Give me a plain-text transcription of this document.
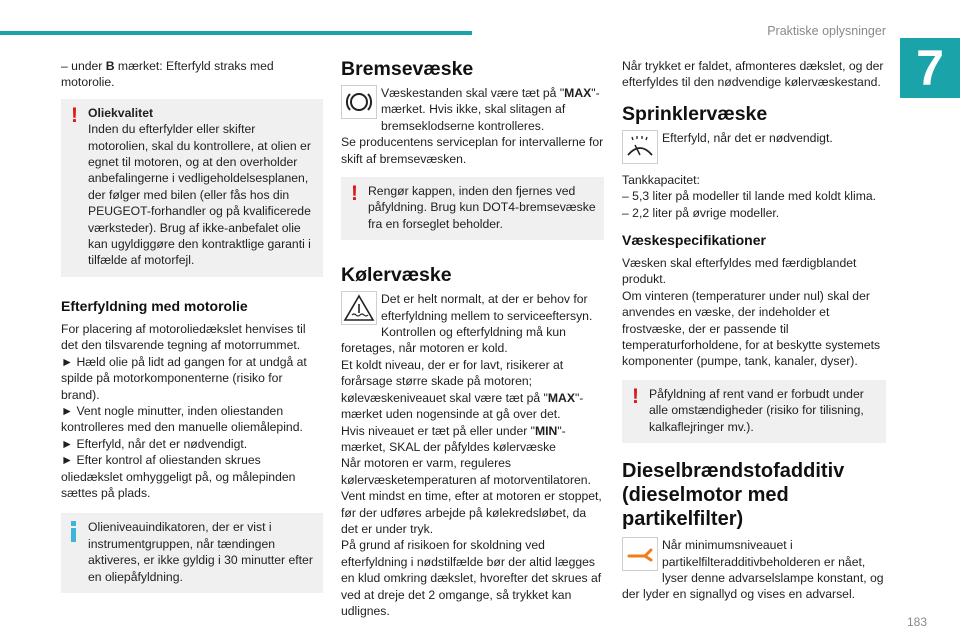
Praktiske oplysninger
7
183

– under B mærket: Efterfyld straks med motorolie.

! Oliekvalitet

Inden du efterfylder eller skifter motorolien, skal du kontrollere, at olien er egnet til motoren, og at den overholder anbefalingerne i vedligeholdelsesplanen, der følger med bilen (eller fås hos din PEUGEOT-forhandler og på kvalificerede værksteder). Brug af ikke-anbefalet olie kan ugyldiggøre den kontraktlige garanti i tilfælde af motorfejl.

Efterfyldning med motorolie

For placering af motoroliedækslet henvises til det den tilsvarende tegning af motorrummet.

► Hæld olie på lidt ad gangen for at undgå at spilde på motorkomponenterne (risiko for brand).

► Vent nogle minutter, inden oliestanden kontrolleres med den manuelle oliemålepind.

► Efterfyld, når det er nødvendigt.

► Efter kontrol af oliestanden skrues oliedækslet omhyggeligt på, og målepinden sættes på plads.

Olieniveauindikatoren, der er vist i instrumentgruppen, når tændingen aktiveres, er ikke gyldig i 30 minutter efter en oliepåfyldning.

Bremsevæske

Væskestanden skal være tæt på "MAX"-mærket. Hvis ikke, skal slitagen af bremseklodserne kontrolleres.

Se producentens serviceplan for intervallerne for skift af bremsevæsken.

! Rengør kappen, inden den fjernes ved påfyldning. Brug kun DOT4-bremsevæske fra en forseglet beholder.

Kølervæske

Det er helt normalt, at der er behov for efterfyldning mellem to serviceeftersyn. Kontrollen og efterfyldning må kun foretages, når motoren er kold.

Et koldt niveau, der er for lavt, risikerer at forårsage større skade på motoren; kølevæskeniveauet skal være tæt på "MAX"-mærket uden nogensinde at gå over det.

Hvis niveauet er tæt på eller under "MIN"-mærket, SKAL der påfyldes kølervæske

Når motoren er varm, reguleres kølervæsketemperaturen af motorventilatoren. Vent mindst en time, efter at motoren er stoppet, før der udføres arbejde på kølekredsløbet, da det er under tryk.

På grund af risikoen for skoldning ved efterfyldning i nødstilfælde bør der altid lægges en klud omkring dækslet, hvorefter det skrues af ved at dreje det 2 omgange, så trykket kan udlignes.

Når trykket er faldet, afmonteres dækslet, og der efterfyldes til den nødvendige kølervæskestand.

Sprinklervæske

Efterfyld, når det er nødvendigt.

Tankkapacitet:

– 5,3 liter på modeller til lande med koldt klima.

– 2,2 liter på øvrige modeller.

Væskespecifikationer

Væsken skal efterfyldes med færdigblandet produkt.

Om vinteren (temperaturer under nul) skal der anvendes en væske, der indeholder et frostvæske, der er passende til temperaturforholdene, for at beskytte systemets komponenter (pumpe, tank, kanaler, dyser).

! Påfyldning af rent vand er forbudt under alle omstændigheder (risiko for tilisning, kalkaflejringer mv.).

Dieselbrændstofadditiv (dieselmotor med partikelfilter)

Når minimumsniveauet i partikelfilteradditivbeholderen er nået, lyser denne advarselslampe konstant, og der lyder en signallyd og vises en advarsel.
